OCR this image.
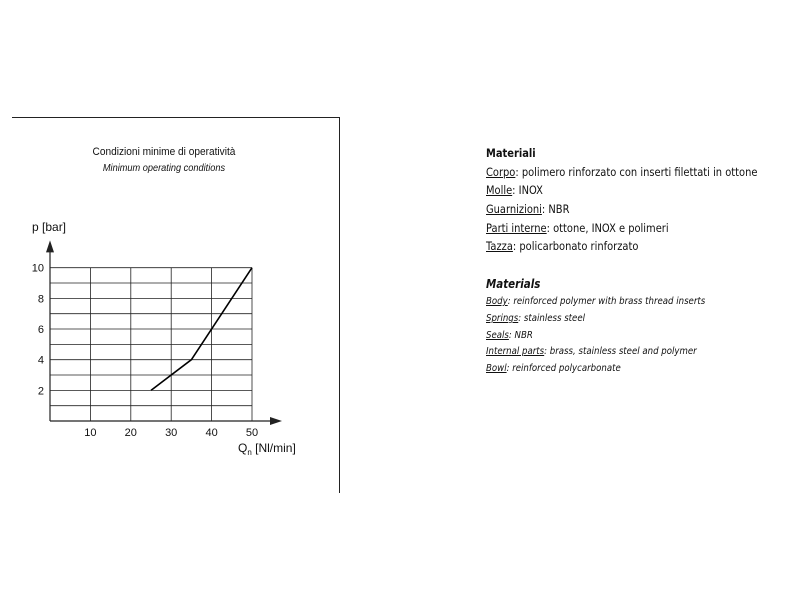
Condizioni minime di operatività
Minimum operating conditions
2
4
6
8
10
10	20	30	40	50
p [bar]
$Q_n$ [Nl/min]
Materiali
Corpo: polimero rinforzato con inserti filettati in ottone
Molle: INOX
Guarnizioni: NBR
Parti interne: ottone, INOX e polimeri
Tazza: policarbonato rinforzato
Materials
Body: reinforced polymer with brass thread inserts
Springs: stainless steel
Seals: NBR
Internal parts: brass, stainless steel and polymer
Bowl: reinforced polycarbonate
